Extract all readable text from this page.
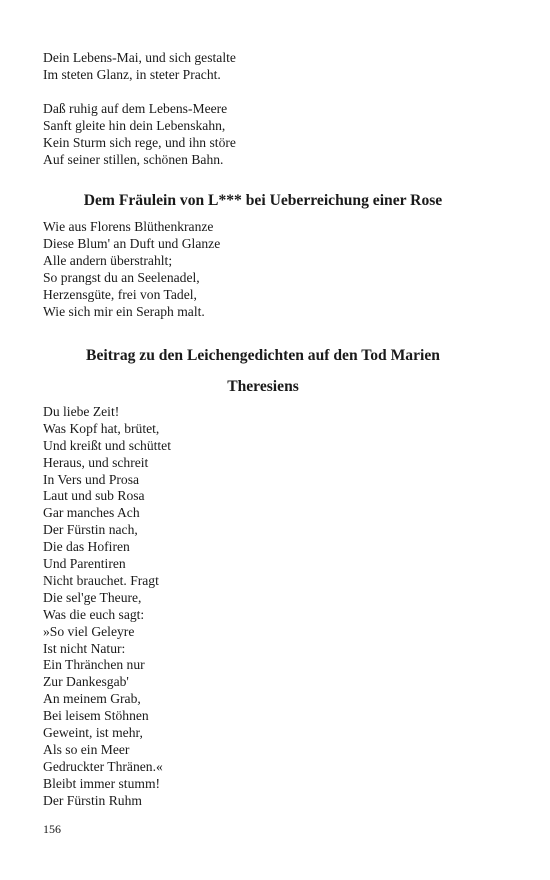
Dein Lebens-Mai, und sich gestalte
Im steten Glanz, in steter Pracht.
Daß ruhig auf dem Lebens-Meere
Sanft gleite hin dein Lebenskahn,
Kein Sturm sich rege, und ihn störe
Auf seiner stillen, schönen Bahn.
Dem Fräulein von L*** bei Ueberreichung einer Rose
Wie aus Florens Blüthenkranze
Diese Blum' an Duft und Glanze
Alle andern überstrahlt;
So prangst du an Seelenadel,
Herzensgüte, frei von Tadel,
Wie sich mir ein Seraph malt.
Beitrag zu den Leichengedichten auf den Tod Marien
Theresiens
Du liebe Zeit!
Was Kopf hat, brütet,
Und kreißt und schüttet
Heraus, und schreit
In Vers und Prosa
Laut und sub Rosa
Gar manches Ach
Der Fürstin nach,
Die das Hofiren
Und Parentiren
Nicht brauchet. Fragt
Die sel'ge Theure,
Was die euch sagt:
»So viel Geleyre
Ist nicht Natur:
Ein Thränchen nur
Zur Dankesgab'
An meinem Grab,
Bei leisem Stöhnen
Geweint, ist mehr,
Als so ein Meer
Gedruckter Thränen.«
Bleibt immer stumm!
Der Fürstin Ruhm
156
